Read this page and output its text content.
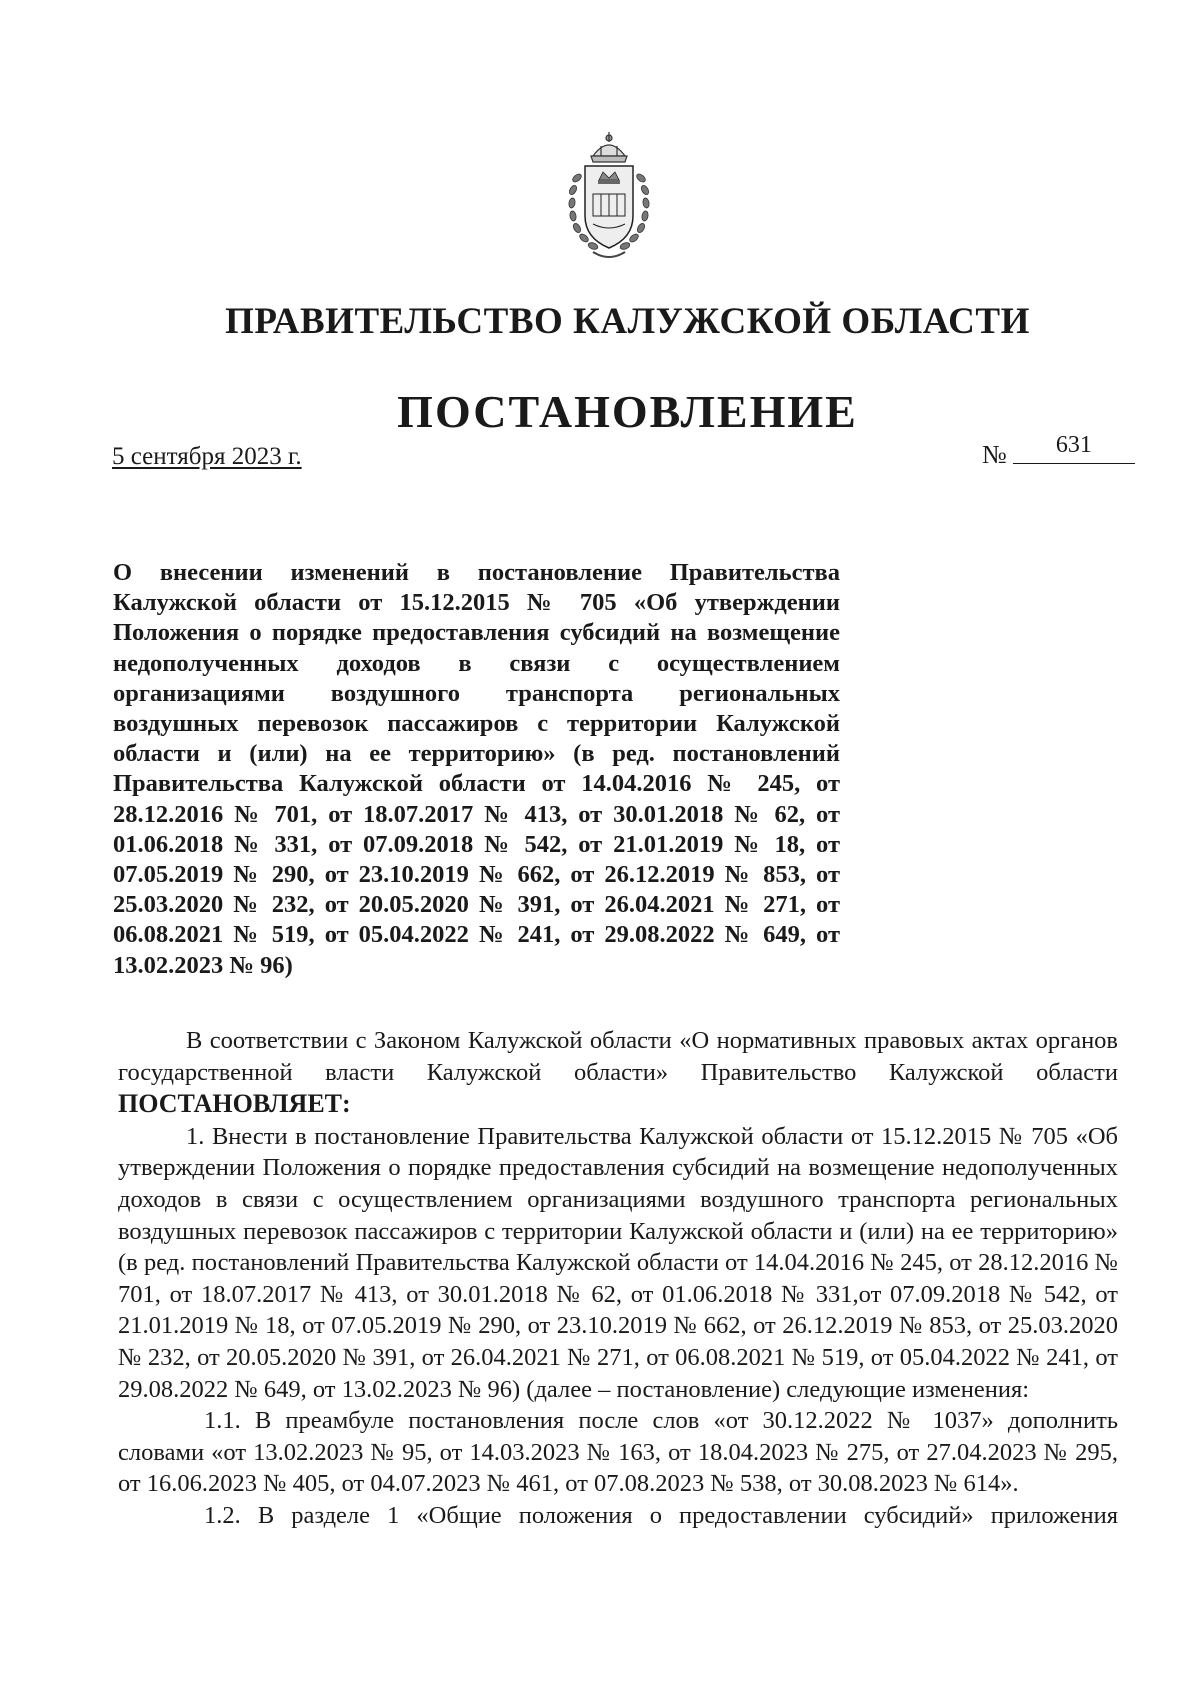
ПРАВИТЕЛЬСТВО КАЛУЖСКОЙ ОБЛАСТИ
ПОСТАНОВЛЕНИЕ
5 сентября 2023 г.	№	631
О внесении изменений в постановление Правительства Калужской области от 15.12.2015 № 705 «Об утверждении Положения о порядке предоставления субсидий на возмещение недополученных доходов в связи с осуществлением организациями воздушного транспорта региональных воздушных перевозок пассажиров с территории Калужской области и (или) на ее территорию» (в ред. постановлений Правительства Калужской области от 14.04.2016 № 245, от 28.12.2016 № 701, от 18.07.2017 № 413, от 30.01.2018 № 62, от 01.06.2018 № 331, от 07.09.2018 № 542, от 21.01.2019 № 18, от 07.05.2019 № 290, от 23.10.2019 № 662, от 26.12.2019 № 853, от 25.03.2020 № 232, от 20.05.2020 № 391, от 26.04.2021 № 271, от 06.08.2021 № 519, от 05.04.2022 № 241, от 29.08.2022 № 649, от 13.02.2023 № 96)

В соответствии с Законом Калужской области «О нормативных правовых актах органов государственной власти Калужской области» Правительство Калужской области ПОСТАНОВЛЯЕТ:

1. Внести в постановление Правительства Калужской области от 15.12.2015 № 705 «Об утверждении Положения о порядке предоставления субсидий на возмещение недополученных доходов в связи с осуществлением организациями воздушного транспорта региональных воздушных перевозок пассажиров с территории Калужской области и (или) на ее территорию» (в ред. постановлений Правительства Калужской области от 14.04.2016 № 245, от 28.12.2016 № 701, от 18.07.2017 № 413, от 30.01.2018 № 62, от 01.06.2018 № 331,от 07.09.2018 № 542, от 21.01.2019 № 18, от 07.05.2019 № 290, от 23.10.2019 № 662, от 26.12.2019 № 853, от 25.03.2020 № 232, от 20.05.2020 № 391, от 26.04.2021 № 271, от 06.08.2021 № 519, от 05.04.2022 № 241, от 29.08.2022 № 649, от 13.02.2023 № 96) (далее – постановление) следующие изменения:

1.1. В преамбуле постановления после слов «от 30.12.2022 № 1037» дополнить словами «от 13.02.2023 № 95, от 14.03.2023 № 163, от 18.04.2023 № 275, от 27.04.2023 № 295, от 16.06.2023 № 405, от 04.07.2023 № 461, от 07.08.2023 № 538, от 30.08.2023 № 614».

1.2. В разделе 1 «Общие положения о предоставлении субсидий» приложения
